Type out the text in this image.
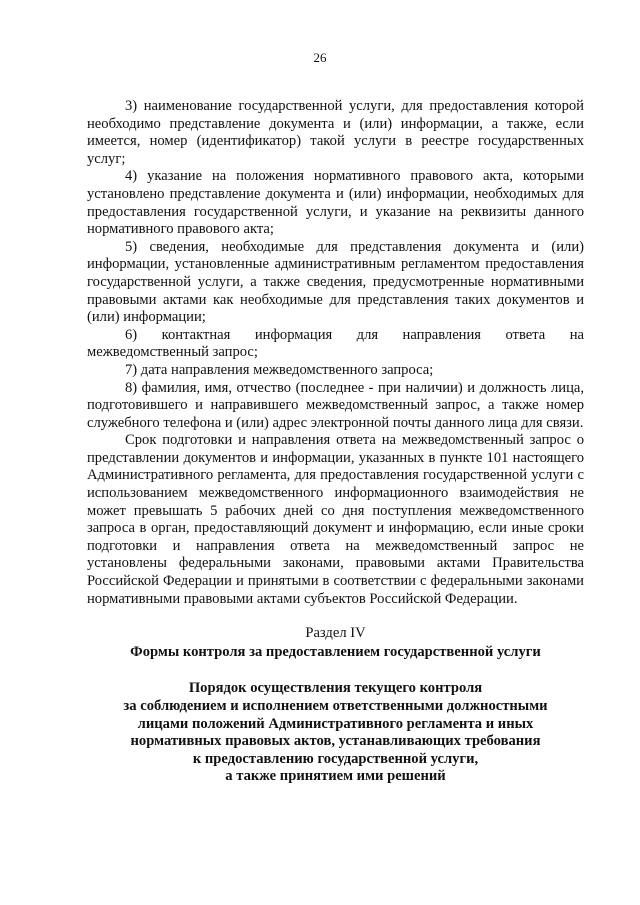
26

3) наименование государственной услуги, для предоставления которой необходимо представление документа и (или) информации, а также, если имеется, номер (идентификатор) такой услуги в реестре государственных услуг;

4) указание на положения нормативного правового акта, которыми установлено представление документа и (или) информации, необходимых для предоставления государственной услуги, и указание на реквизиты данного нормативного правового акта;

5) сведения, необходимые для представления документа и (или) информации, установленные административным регламентом предоставления государственной услуги, а также сведения, предусмотренные нормативными правовыми актами как необходимые для представления таких документов и (или) информации;

6) контактная информация для направления ответа на межведомственный запрос;

7) дата направления межведомственного запроса;

8) фамилия, имя, отчество (последнее - при наличии) и должность лица, подготовившего и направившего межведомственный запрос, а также номер служебного телефона и (или) адрес электронной почты данного лица для связи.

Срок подготовки и направления ответа на межведомственный запрос о представлении документов и информации, указанных в пункте 101 настоящего Административного регламента, для предоставления государственной услуги с использованием межведомственного информационного взаимодействия не может превышать 5 рабочих дней со дня поступления межведомственного запроса в орган, предоставляющий документ и информацию, если иные сроки подготовки и направления ответа на межведомственный запрос не установлены федеральными законами, правовыми актами Правительства Российской Федерации и принятыми в соответствии с федеральными законами нормативными правовыми актами субъектов Российской Федерации.

Раздел IV

Формы контроля за предоставлением государственной услуги

Порядок осуществления текущего контроля
за соблюдением и исполнением ответственными должностными
лицами положений Административного регламента и иных
нормативных правовых актов, устанавливающих требования
к предоставлению государственной услуги,
а также принятием ими решений
